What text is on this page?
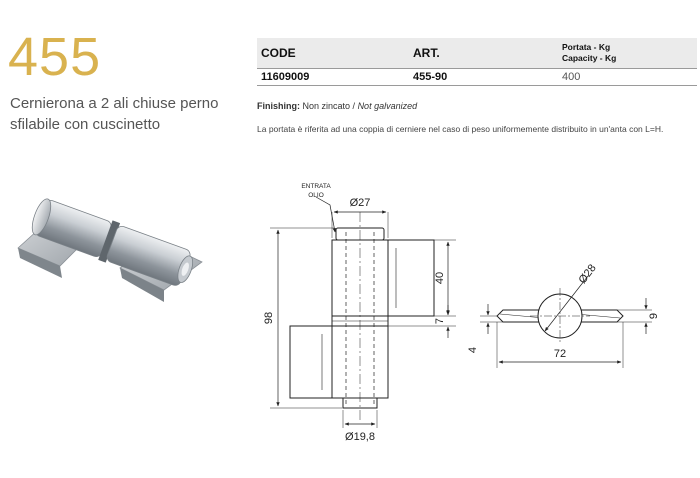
455
Cernierona a 2 ali chiuse perno sfilabile con cuscinetto
CODE	ART.	Portata - Kg
Capacity - Kg

11609009	455-90	400
Finishing: Non zincato / Not galvanized
La portata è riferita ad una coppia di cerniere nel caso di peso uniformemente distribuito in un'anta con L=H.
ENTRATA
OLIO
Ø27
98
40
7
Ø19,8
Ø28
72
9
4
